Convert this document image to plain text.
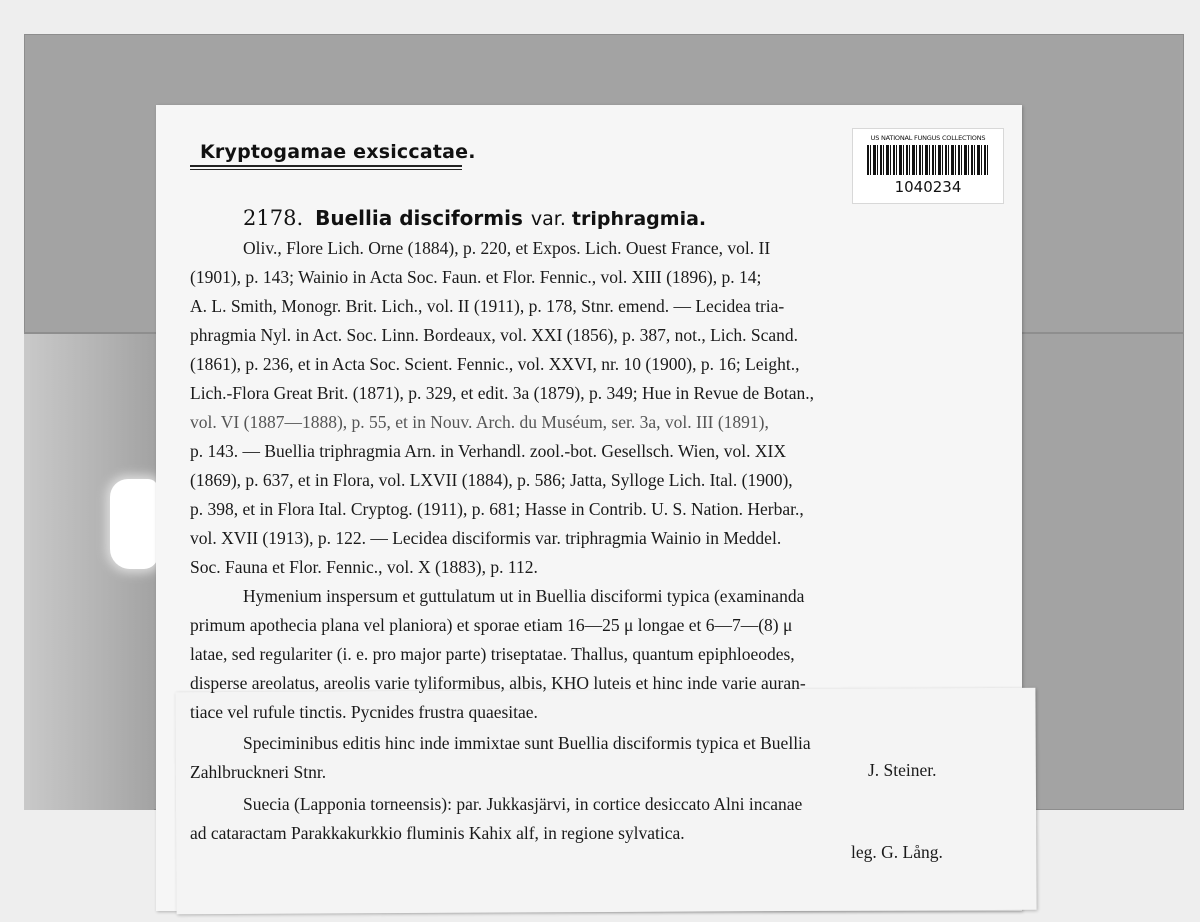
Kryptogamae exsiccatae.
US NATIONAL FUNGUS COLLECTIONS
1040234
2178. Buellia disciformis var. triphragmia.
Oliv., Flore Lich. Orne (1884), p. 220, et Expos. Lich. Ouest France, vol. II
(1901), p. 143; Wainio in Acta Soc. Faun. et Flor. Fennic., vol. XIII (1896), p. 14;
A. L. Smith, Monogr. Brit. Lich., vol. II (1911), p. 178, Stnr. emend. — Lecidea tria-
phragmia Nyl. in Act. Soc. Linn. Bordeaux, vol. XXI (1856), p. 387, not., Lich. Scand.
(1861), p. 236, et in Acta Soc. Scient. Fennic., vol. XXVI, nr. 10 (1900), p. 16; Leight.,
Lich.-Flora Great Brit. (1871), p. 329, et edit. 3a (1879), p. 349; Hue in Revue de Botan.,
vol. VI (1887—1888), p. 55, et in Nouv. Arch. du Muséum, ser. 3a, vol. III (1891),
p. 143. — Buellia triphragmia Arn. in Verhandl. zool.-bot. Gesellsch. Wien, vol. XIX
(1869), p. 637, et in Flora, vol. LXVII (1884), p. 586; Jatta, Sylloge Lich. Ital. (1900),
p. 398, et in Flora Ital. Cryptog. (1911), p. 681; Hasse in Contrib. U. S. Nation. Herbar.,
vol. XVII (1913), p. 122. — Lecidea disciformis var. triphragmia Wainio in Meddel.
Soc. Fauna et Flor. Fennic., vol. X (1883), p. 112.
Hymenium inspersum et guttulatum ut in Buellia disciformi typica (examinanda
primum apothecia plana vel planiora) et sporae etiam 16—25 μ longae et 6—7—(8) μ
latae, sed regulariter (i. e. pro major parte) triseptatae. Thallus, quantum epiphloeodes,
disperse areolatus, areolis varie tyliformibus, albis, KHO luteis et hinc inde varie auran-
tiace vel rufule tinctis. Pycnides frustra quaesitae.
Speciminibus editis hinc inde immixtae sunt Buellia disciformis typica et Buellia
Zahlbruckneri Stnr.	J. Steiner.
Suecia (Lapponia torneensis): par. Jukkasjärvi, in cortice desiccato Alni incanae
ad cataractam Parakkakurkkio fluminis Kahix alf, in regione sylvatica.
leg. G. Lång.
